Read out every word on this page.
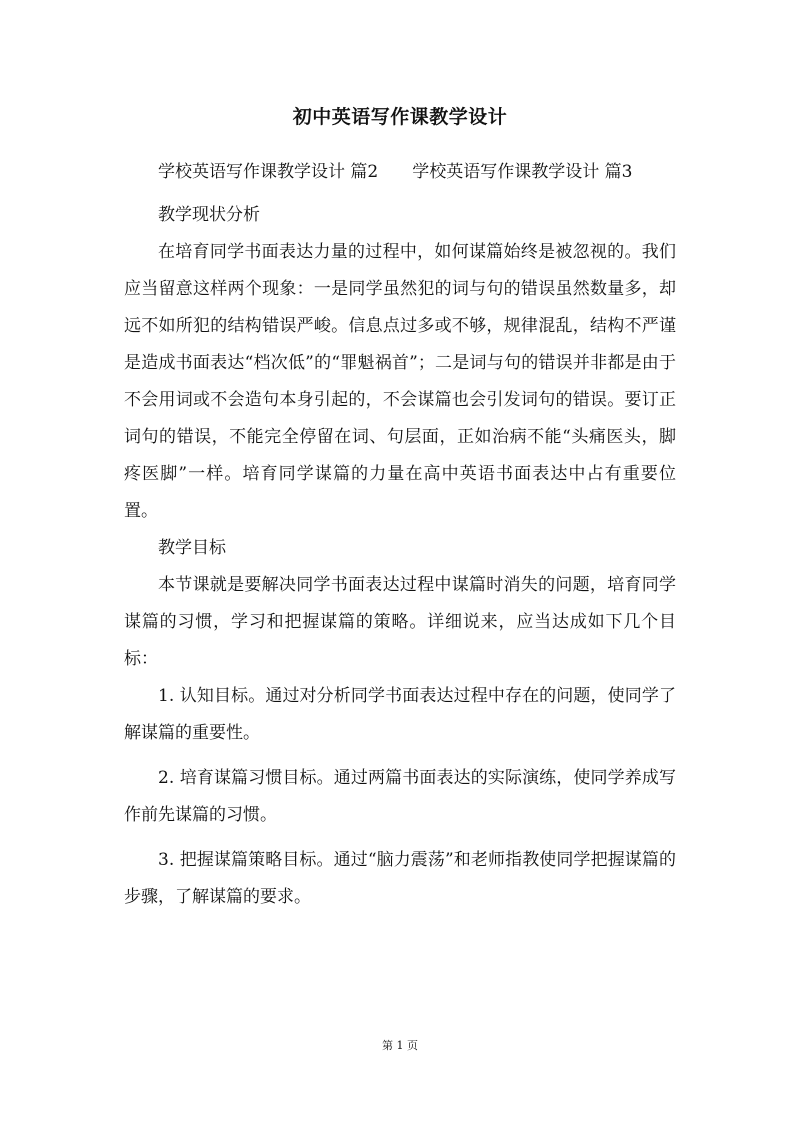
初中英语写作课教学设计

学校英语写作课教学设计 篇2　　学校英语写作课教学设计 篇3

教学现状分析

在培育同学书面表达力量的过程中，如何谋篇始终是被忽视的。我们应当留意这样两个现象：一是同学虽然犯的词与句的错误虽然数量多，却远不如所犯的结构错误严峻。信息点过多或不够，规律混乱，结构不严谨是造成书面表达“档次低”的“罪魁祸首”；二是词与句的错误并非都是由于不会用词或不会造句本身引起的，不会谋篇也会引发词句的错误。要订正词句的错误，不能完全停留在词、句层面，正如治病不能“头痛医头，脚疼医脚”一样。培育同学谋篇的力量在高中英语书面表达中占有重要位置。

教学目标

本节课就是要解决同学书面表达过程中谋篇时消失的问题，培育同学谋篇的习惯，学习和把握谋篇的策略。详细说来，应当达成如下几个目标：

1. 认知目标。通过对分析同学书面表达过程中存在的问题，使同学了解谋篇的重要性。

2. 培育谋篇习惯目标。通过两篇书面表达的实际演练，使同学养成写作前先谋篇的习惯。

3. 把握谋篇策略目标。通过“脑力震荡”和老师指教使同学把握谋篇的步骤，了解谋篇的要求。

第 1 页
